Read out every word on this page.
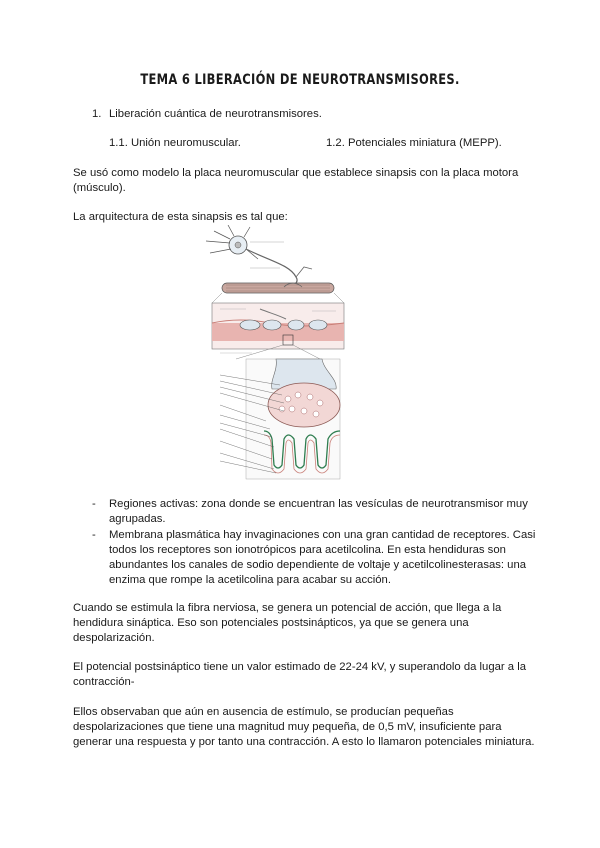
TEMA 6 LIBERACIÓN DE NEUROTRANSMISORES.
1. Liberación cuántica de neurotransmisores.
1.1. Unión neuromuscular.	1.2. Potenciales miniatura (MEPP).
Se usó como modelo la placa neuromuscular que establece sinapsis con la placa motora
(músculo).
La arquitectura de esta sinapsis es tal que:
- Regiones activas: zona donde se encuentran las vesículas de neurotransmisor muy
agrupadas.
- Membrana plasmática hay invaginaciones con una gran cantidad de receptores. Casi
todos los receptores son ionotrópicos para acetilcolina. En esta hendiduras son
abundantes los canales de sodio dependiente de voltaje y acetilcolinesterasas: una
enzima que rompe la acetilcolina para acabar su acción.
Cuando se estimula la fibra nerviosa, se genera un potencial de acción, que llega a la
hendidura sináptica. Eso son potenciales postsinápticos, ya que se genera una
despolarización.
El potencial postsináptico tiene un valor estimado de 22-24 kV, y superandolo da lugar a la
contracción-
Ellos observaban que aún en ausencia de estímulo, se producían pequeñas
despolarizaciones que tiene una magnitud muy pequeña, de 0,5 mV, insuficiente para
generar una respuesta y por tanto una contracción. A esto lo llamaron potenciales miniatura.
